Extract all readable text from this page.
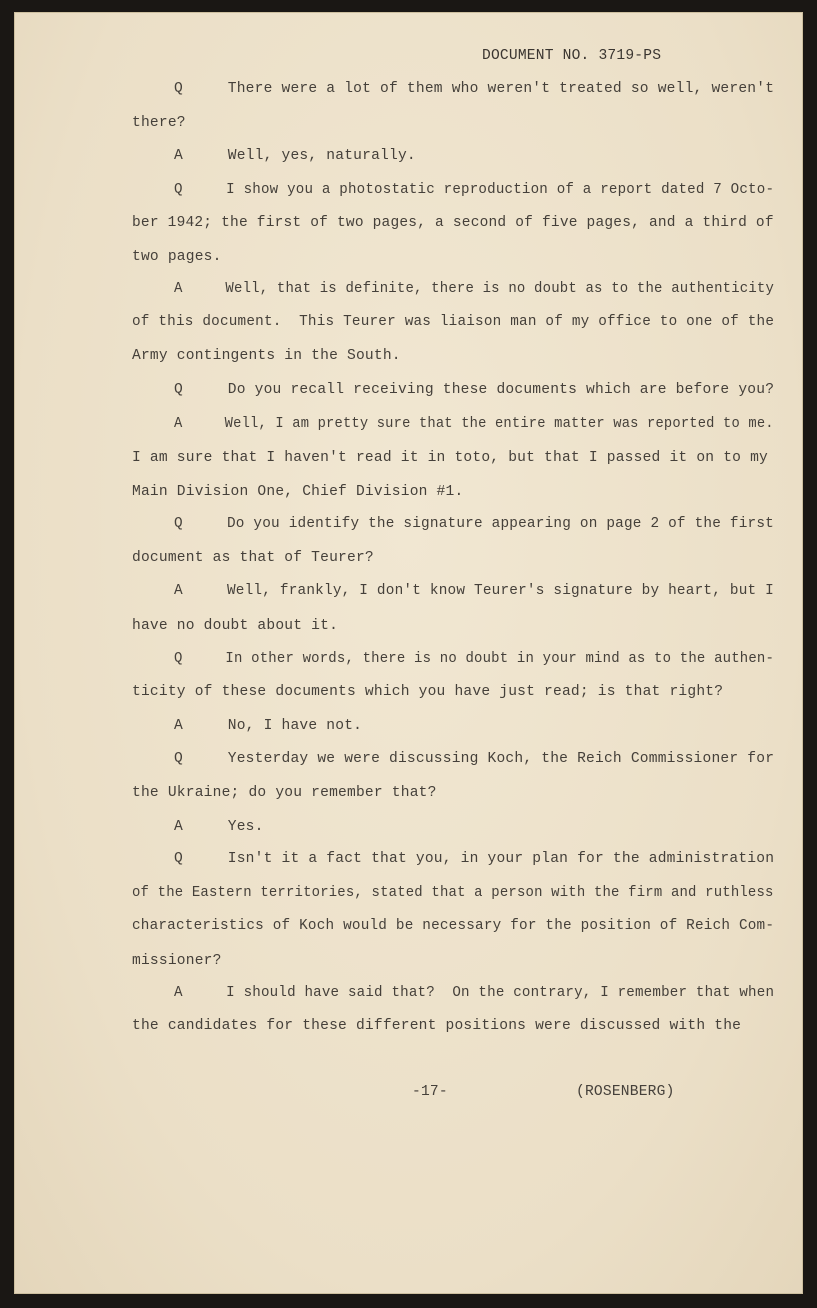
DOCUMENT NO. 3719-PS
Q     There were a lot of them who weren't treated so well, weren't
there?
A     Well, yes, naturally.
Q     I show you a photostatic reproduction of a report dated 7 Octo-
ber 1942; the first of two pages, a second of five pages, and a third of
two pages.
A     Well, that is definite, there is no doubt as to the authenticity
of this document.  This Teurer was liaison man of my office to one of the
Army contingents in the South.
Q     Do you recall receiving these documents which are before you?
A     Well, I am pretty sure that the entire matter was reported to me.
I am sure that I haven't read it in toto, but that I passed it on to my
Main Division One, Chief Division #1.
Q     Do you identify the signature appearing on page 2 of the first
document as that of Teurer?
A     Well, frankly, I don't know Teurer's signature by heart, but I
have no doubt about it.
Q     In other words, there is no doubt in your mind as to the authen-
ticity of these documents which you have just read; is that right?
A     No, I have not.
Q     Yesterday we were discussing Koch, the Reich Commissioner for
the Ukraine; do you remember that?
A     Yes.
Q     Isn't it a fact that you, in your plan for the administration
of the Eastern territories, stated that a person with the firm and ruthless
characteristics of Koch would be necessary for the position of Reich Com-
missioner?
A     I should have said that?  On the contrary, I remember that when
the candidates for these different positions were discussed with the
-17-	(ROSENBERG)
